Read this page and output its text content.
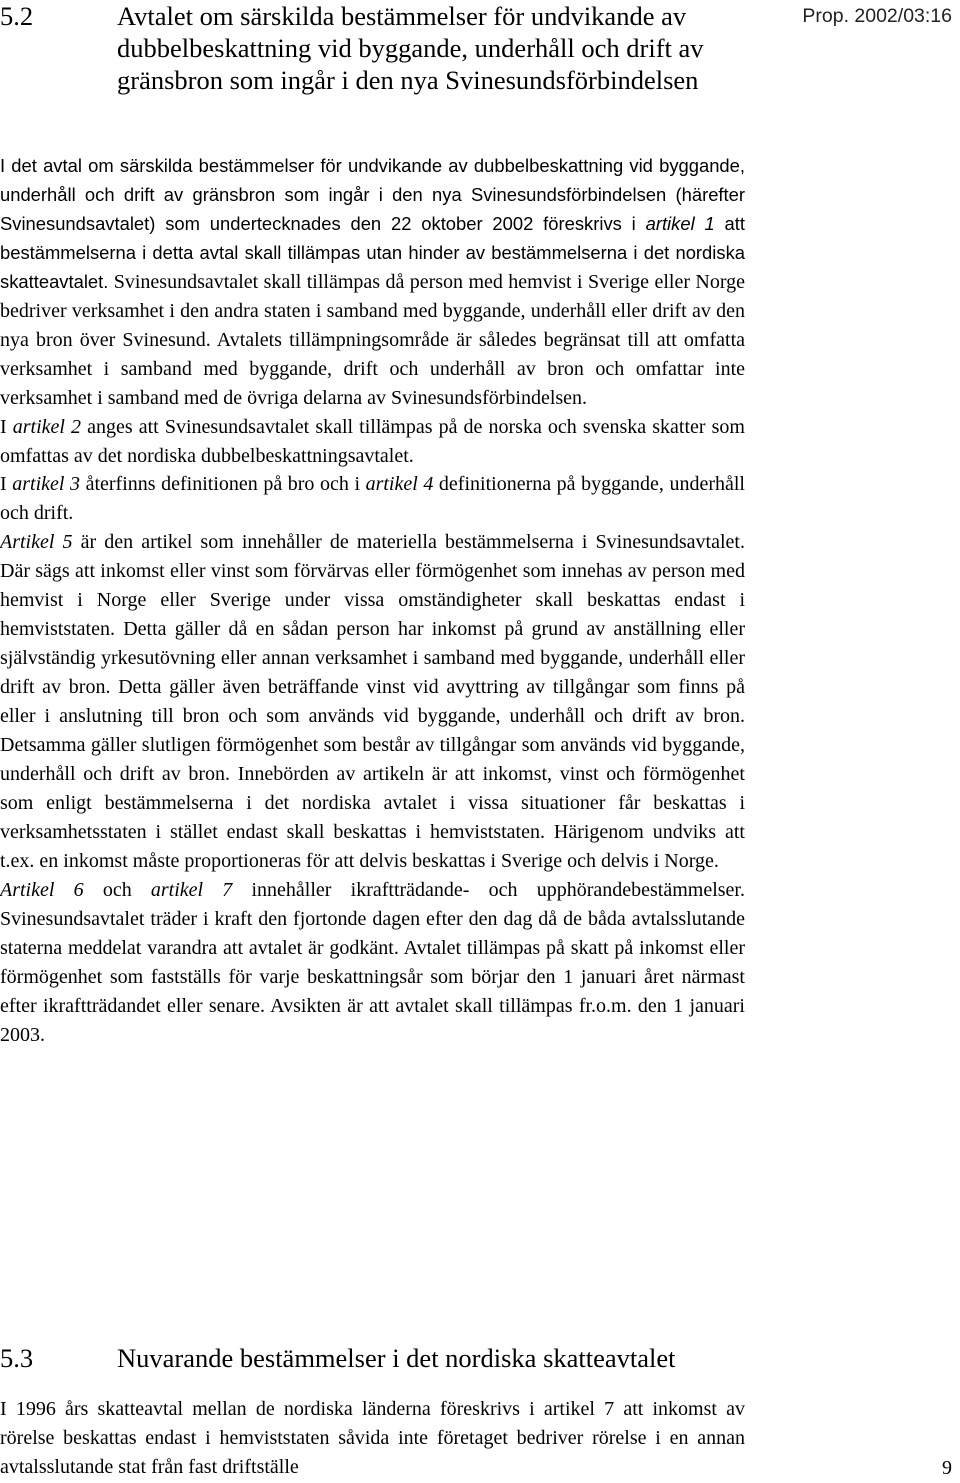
Prop. 2002/03:16
5.2	Avtalet om särskilda bestämmelser för undvikande av dubbelbeskattning vid byggande, underhåll och drift av gränsbron som ingår i den nya Svinesundsförbindelsen

I det avtal om särskilda bestämmelser för undvikande av dubbelbeskattning vid byggande, underhåll och drift av gränsbron som ingår i den nya Svinesundsförbindelsen (härefter Svinesundsavtalet) som undertecknades den 22 oktober 2002 föreskrivs i artikel 1 att bestämmelserna i detta avtal skall tillämpas utan hinder av bestämmelserna i det nordiska skatteavtalet. Svinesundsavtalet skall tillämpas då person med hemvist i Sverige eller Norge bedriver verksamhet i den andra staten i samband med byggande, underhåll eller drift av den nya bron över Svinesund. Avtalets tillämpningsområde är således begränsat till att omfatta verksamhet i samband med byggande, drift och underhåll av bron och omfattar inte verksamhet i samband med de övriga delarna av Svinesundsförbindelsen.

I artikel 2 anges att Svinesundsavtalet skall tillämpas på de norska och svenska skatter som omfattas av det nordiska dubbelbeskattningsavtalet.

I artikel 3 återfinns definitionen på bro och i artikel 4 definitionerna på byggande, underhåll och drift.

Artikel 5 är den artikel som innehåller de materiella bestämmelserna i Svinesundsavtalet. Där sägs att inkomst eller vinst som förvärvas eller förmögenhet som innehas av person med hemvist i Norge eller Sverige under vissa omständigheter skall beskattas endast i hemviststaten. Detta gäller då en sådan person har inkomst på grund av anställning eller självständig yrkesutövning eller annan verksamhet i samband med byggande, underhåll eller drift av bron. Detta gäller även beträffande vinst vid avyttring av tillgångar som finns på eller i anslutning till bron och som används vid byggande, underhåll och drift av bron. Detsamma gäller slutligen förmögenhet som består av tillgångar som används vid byggande, underhåll och drift av bron. Innebörden av artikeln är att inkomst, vinst och förmögenhet som enligt bestämmelserna i det nordiska avtalet i vissa situationer får beskattas i verksamhetsstaten i stället endast skall beskattas i hemviststaten. Härigenom undviks att t.ex. en inkomst måste proportioneras för att delvis beskattas i Sverige och delvis i Norge.

Artikel 6 och artikel 7 innehåller ikraftträdande- och upphörandebestämmelser. Svinesundsavtalet träder i kraft den fjortonde dagen efter den dag då de båda avtalsslutande staterna meddelat varandra att avtalet är godkänt. Avtalet tillämpas på skatt på inkomst eller förmögenhet som fastställs för varje beskattningsår som börjar den 1 januari året närmast efter ikraftträdandet eller senare. Avsikten är att avtalet skall tillämpas fr.o.m. den 1 januari 2003.

5.3	Nuvarande bestämmelser i det nordiska skatteavtalet

I 1996 års skatteavtal mellan de nordiska länderna föreskrivs i artikel 7 att inkomst av rörelse beskattas endast i hemviststaten såvida inte företaget bedriver rörelse i en annan avtalsslutande stat från fast driftställe	9
